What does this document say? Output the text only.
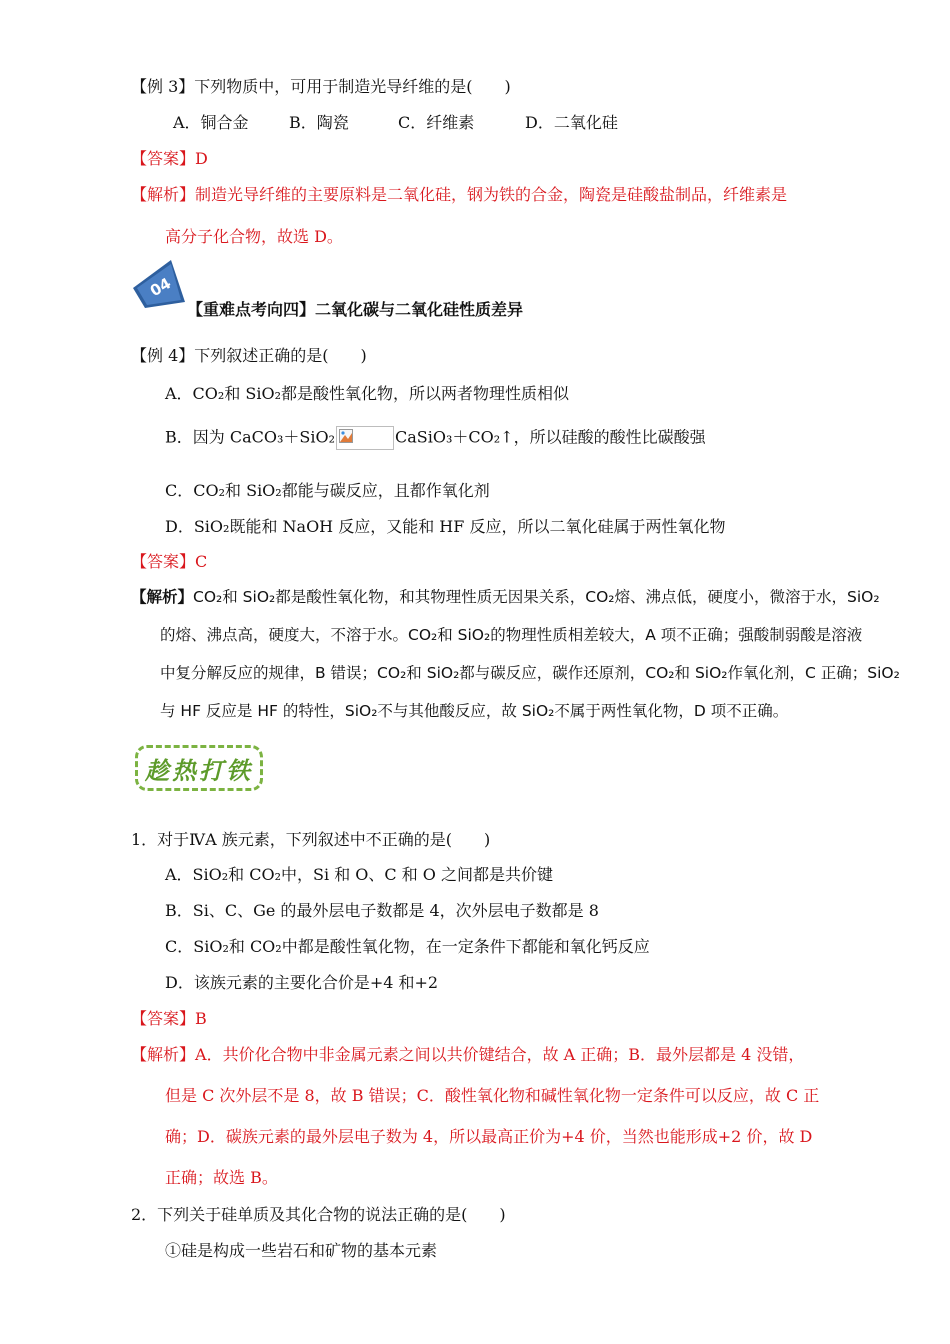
【例 3】下列物质中，可用于制造光导纤维的是(　　)
A．铜合金	B．陶瓷	C．纤维素	D．二氧化硅
【答案】D
【解析】制造光导纤维的主要原料是二氧化硅，钢为铁的合金，陶瓷是硅酸盐制品，纤维素是
高分子化合物，故选 D。
04
【重难点考向四】二氧化碳与二氧化硅性质差异
【例 4】下列叙述正确的是(　　)
A．CO₂和 SiO₂都是酸性氧化物，所以两者物理性质相似
B．因为 CaCO₃＋SiO₂	CaSiO₃＋CO₂↑，所以硅酸的酸性比碳酸强
C．CO₂和 SiO₂都能与碳反应，且都作氧化剂
D．SiO₂既能和 NaOH 反应，又能和 HF 反应，所以二氧化硅属于两性氧化物
【答案】C
【解析】CO₂和 SiO₂都是酸性氧化物，和其物理性质无因果关系，CO₂熔、沸点低，硬度小，微溶于水，SiO₂
的熔、沸点高，硬度大，不溶于水。CO₂和 SiO₂的物理性质相差较大，A 项不正确；强酸制弱酸是溶液
中复分解反应的规律，B 错误；CO₂和 SiO₂都与碳反应，碳作还原剂，CO₂和 SiO₂作氧化剂，C 正确；SiO₂
与 HF 反应是 HF 的特性，SiO₂不与其他酸反应，故 SiO₂不属于两性氧化物，D 项不正确。
趁热打铁
1．对于ⅣA 族元素，下列叙述中不正确的是(　　)
A．SiO₂和 CO₂中，Si 和 O、C 和 O 之间都是共价键
B．Si、C、Ge 的最外层电子数都是 4，次外层电子数都是 8
C．SiO₂和 CO₂中都是酸性氧化物，在一定条件下都能和氧化钙反应
D．该族元素的主要化合价是+4 和+2
【答案】B
【解析】A．共价化合物中非金属元素之间以共价键结合，故 A 正确；B．最外层都是 4 没错，
但是 C 次外层不是 8，故 B 错误；C．酸性氧化物和碱性氧化物一定条件可以反应，故 C 正
确；D．碳族元素的最外层电子数为 4，所以最高正价为+4 价，当然也能形成+2 价，故 D
正确；故选 B。
2．下列关于硅单质及其化合物的说法正确的是(　　)
①硅是构成一些岩石和矿物的基本元素
